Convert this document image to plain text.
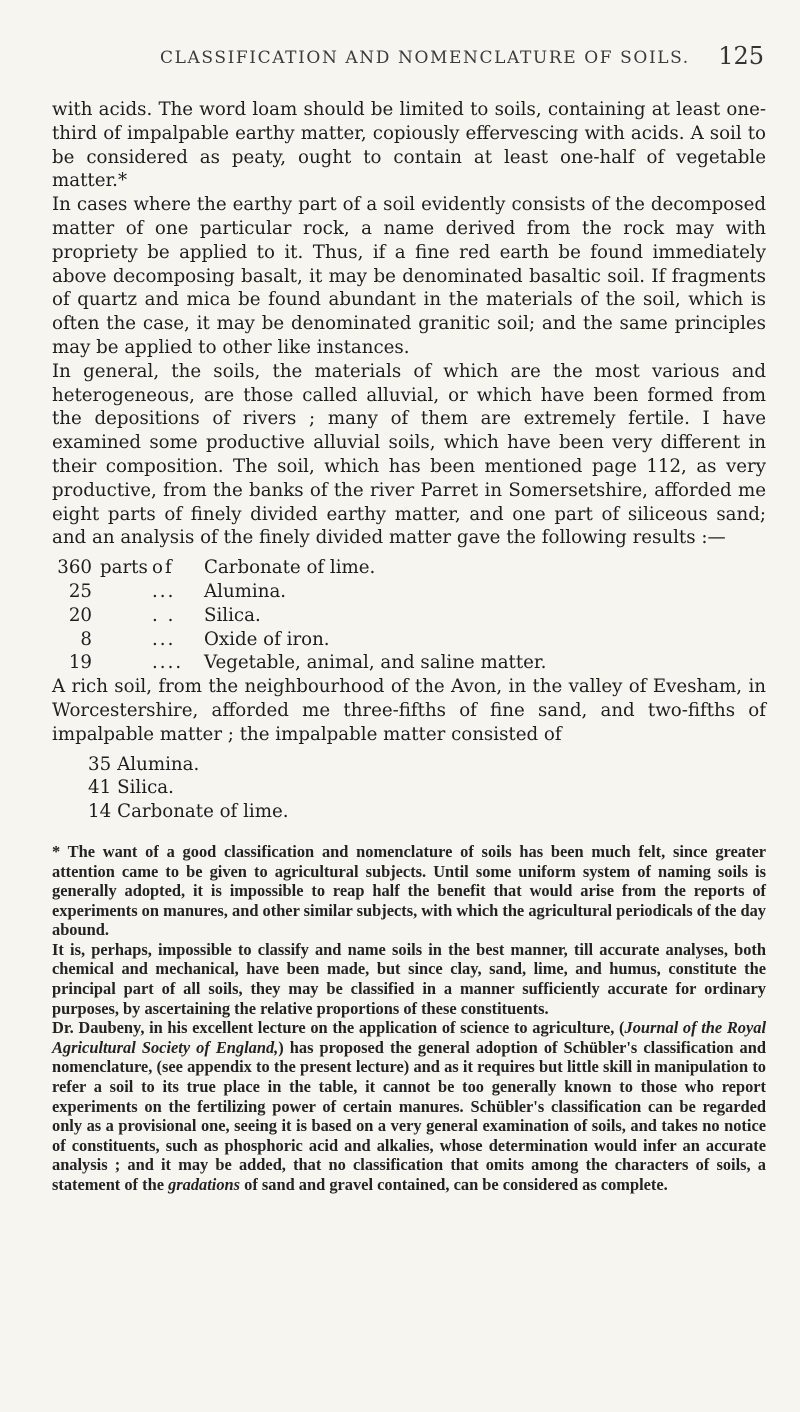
CLASSIFICATION AND NOMENCLATURE OF SOILS. 125

with acids. The word loam should be limited to soils, containing at least one-third of impalpable earthy matter, copiously effervescing with acids. A soil to be considered as peaty, ought to contain at least one-half of vegetable matter.*

In cases where the earthy part of a soil evidently consists of the decomposed matter of one particular rock, a name derived from the rock may with propriety be applied to it. Thus, if a fine red earth be found immediately above decomposing basalt, it may be denominated basaltic soil. If fragments of quartz and mica be found abundant in the materials of the soil, which is often the case, it may be denominated granitic soil; and the same principles may be applied to other like instances.

In general, the soils, the materials of which are the most various and heterogeneous, are those called alluvial, or which have been formed from the depositions of rivers ; many of them are extremely fertile. I have examined some productive alluvial soils, which have been very different in their composition. The soil, which has been mentioned page 112, as very productive, from the banks of the river Parret in Somersetshire, afforded me eight parts of finely divided earthy matter, and one part of siliceous sand; and an analysis of the finely divided matter gave the following results :—

360 parts of	Carbonate of lime.
25	...	Alumina.
20	. .	Silica.
8	...	Oxide of iron.
19	....	Vegetable, animal, and saline matter.

A rich soil, from the neighbourhood of the Avon, in the valley of Evesham, in Worcestershire, afforded me three-fifths of fine sand, and two-fifths of impalpable matter ; the impalpable matter consisted of

35 Alumina.
41 Silica.
14 Carbonate of lime.

* The want of a good classification and nomenclature of soils has been much felt, since greater attention came to be given to agricultural subjects. Until some uniform system of naming soils is generally adopted, it is impossible to reap half the benefit that would arise from the reports of experiments on manures, and other similar subjects, with which the agricultural periodicals of the day abound.

It is, perhaps, impossible to classify and name soils in the best manner, till accurate analyses, both chemical and mechanical, have been made, but since clay, sand, lime, and humus, constitute the principal part of all soils, they may be classified in a manner sufficiently accurate for ordinary purposes, by ascertaining the relative proportions of these constituents.

Dr. Daubeny, in his excellent lecture on the application of science to agriculture, (Journal of the Royal Agricultural Society of England,) has proposed the general adoption of Schübler's classification and nomenclature, (see appendix to the present lecture) and as it requires but little skill in manipulation to refer a soil to its true place in the table, it cannot be too generally known to those who report experiments on the fertilizing power of certain manures. Schübler's classification can be regarded only as a provisional one, seeing it is based on a very general examination of soils, and takes no notice of constituents, such as phosphoric acid and alkalies, whose determination would infer an accurate analysis ; and it may be added, that no classification that omits among the characters of soils, a statement of the gradations of sand and gravel contained, can be considered as complete.
